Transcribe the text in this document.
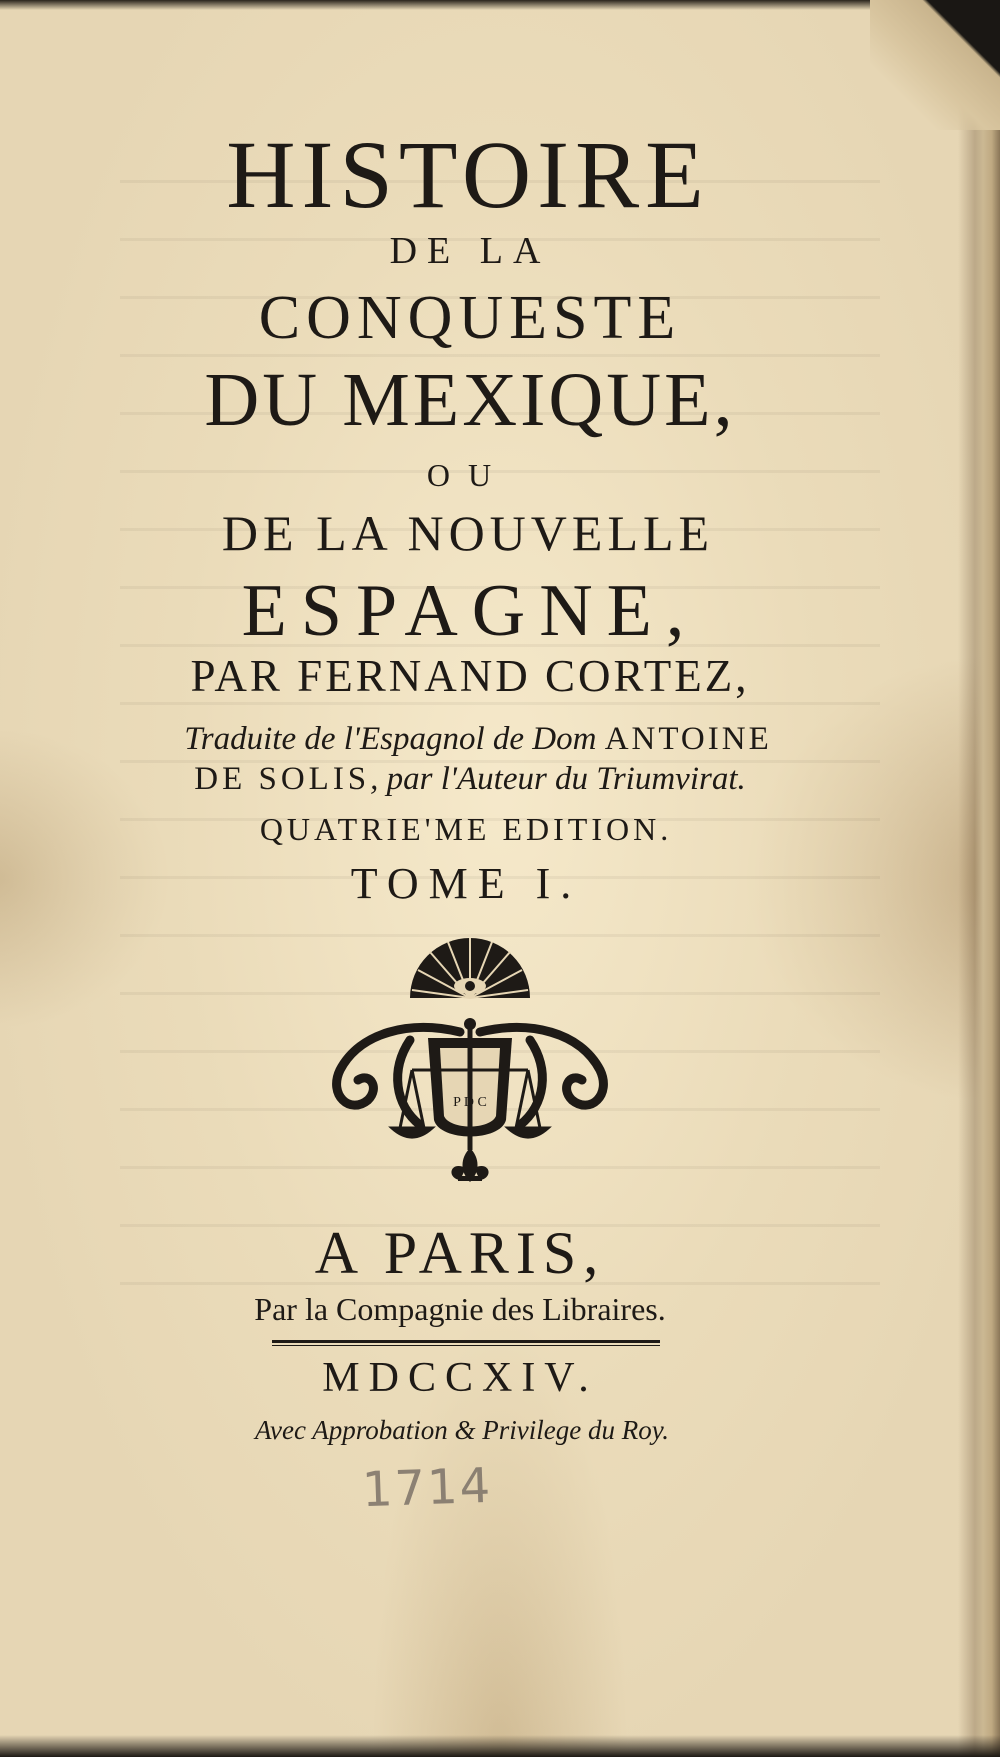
HISTOIRE

DE LA

CONQUESTE

DU MEXIQUE,

OU

DE LA NOUVELLE

ESPAGNE,

PAR FERNAND CORTEZ,

Traduite de l'Espagnol de Dom ANTOINE

DE SOLIS, par l'Auteur du Triumvirat.

QUATRIE'ME EDITION.

TOME I.

P D C

A PARIS,

Par la Compagnie des Libraires.

MDCCXIV.

Avec Approbation & Privilege du Roy.

1714
